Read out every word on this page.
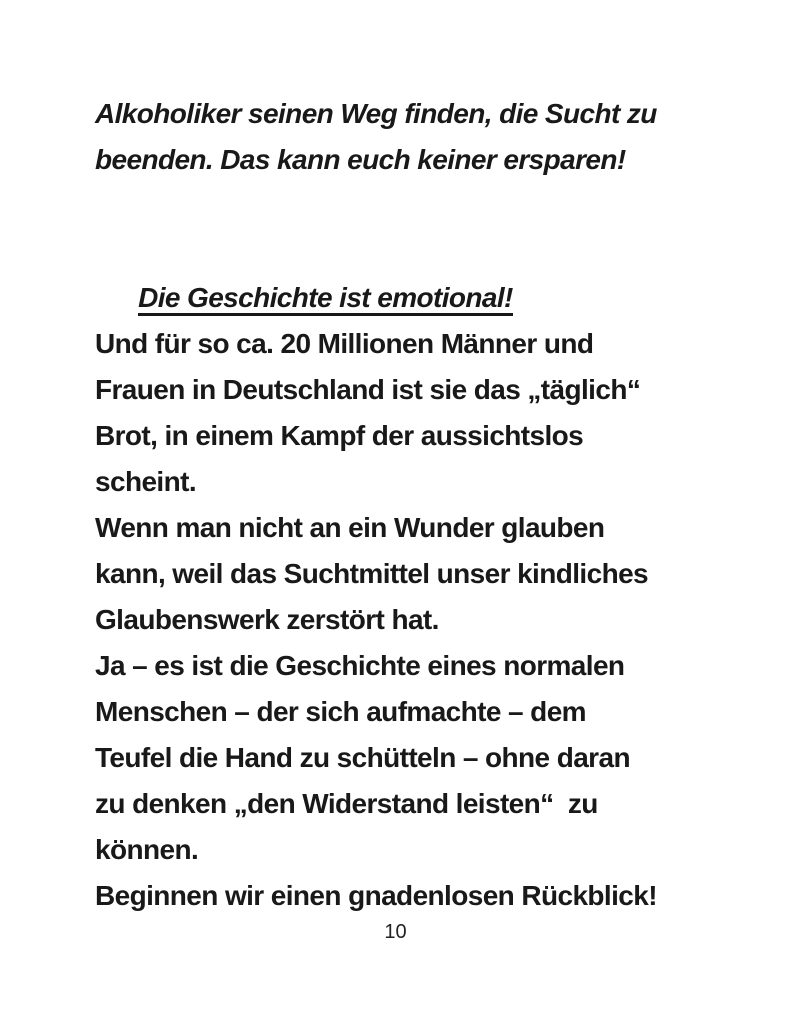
Alkoholiker seinen Weg finden, die Sucht zu
beenden. Das kann euch keiner ersparen!

Die Geschichte ist emotional!

Und für so ca. 20 Millionen Männer und
Frauen in Deutschland ist sie das „täglich“
Brot, in einem Kampf der aussichtslos
scheint.
Wenn man nicht an ein Wunder glauben
kann, weil das Suchtmittel unser kindliches
Glaubenswerk zerstört hat.
Ja – es ist die Geschichte eines normalen
Menschen – der sich aufmachte – dem
Teufel die Hand zu schütteln – ohne daran
zu denken „den Widerstand leisten“  zu
können.
Beginnen wir einen gnadenlosen Rückblick!
10
